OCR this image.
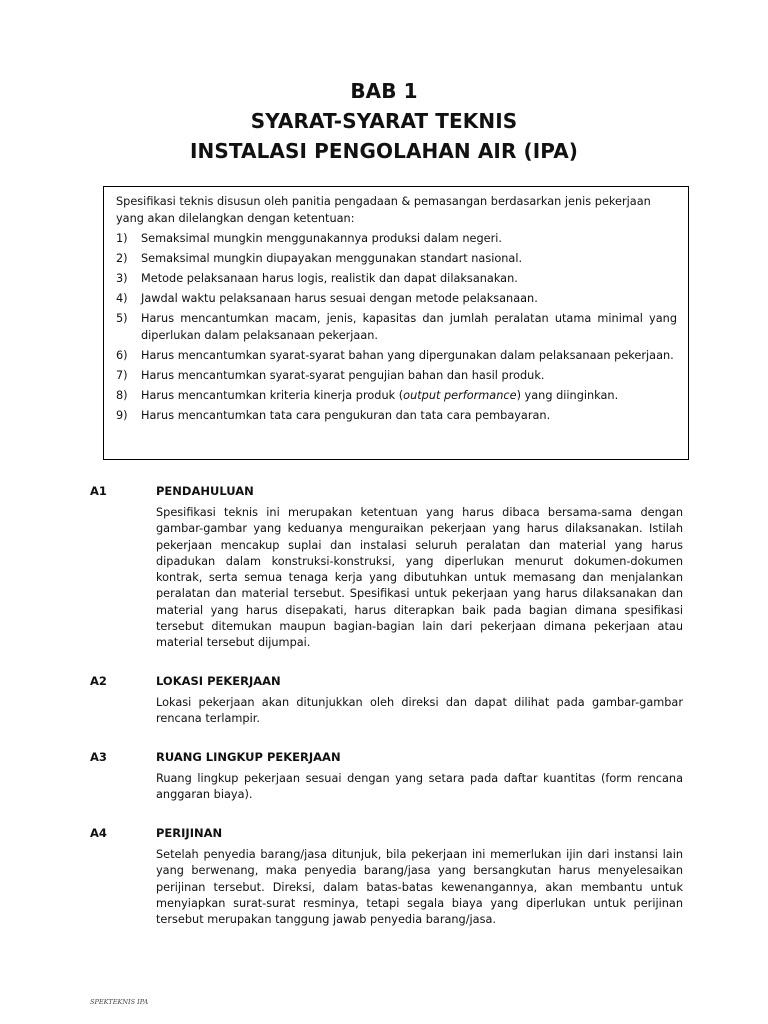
BAB 1
SYARAT-SYARAT TEKNIS
INSTALASI PENGOLAHAN AIR (IPA)

Spesifikasi teknis disusun oleh panitia pengadaan & pemasangan berdasarkan jenis pekerjaan yang akan dilelangkan dengan ketentuan:

1)	Semaksimal mungkin menggunakannya produksi dalam negeri.
2)	Semaksimal mungkin diupayakan menggunakan standart nasional.
3)	Metode pelaksanaan harus logis, realistik dan dapat dilaksanakan.
4)	Jawdal waktu pelaksanaan harus sesuai dengan metode pelaksanaan.
5)	Harus mencantumkan macam, jenis, kapasitas dan jumlah peralatan utama minimal yang diperlukan dalam pelaksanaan pekerjaan.
6)	Harus mencantumkan syarat-syarat bahan yang dipergunakan dalam pelaksanaan pekerjaan.
7)	Harus mencantumkan syarat-syarat pengujian bahan dan hasil produk.
8)	Harus mencantumkan kriteria kinerja produk (output performance) yang diinginkan.
9)	Harus mencantumkan tata cara pengukuran dan tata cara pembayaran.
A1	PENDAHULUAN
Spesifikasi teknis ini merupakan ketentuan yang harus dibaca bersama-sama dengan gambar-gambar yang keduanya menguraikan pekerjaan yang harus dilaksanakan. Istilah pekerjaan mencakup suplai dan instalasi seluruh peralatan dan material yang harus dipadukan dalam konstruksi-konstruksi, yang diperlukan menurut dokumen-dokumen kontrak, serta semua tenaga kerja yang dibutuhkan untuk memasang dan menjalankan peralatan dan material tersebut. Spesifikasi untuk pekerjaan yang harus dilaksanakan dan material yang harus disepakati, harus diterapkan baik pada bagian dimana spesifikasi tersebut ditemukan maupun bagian-bagian lain dari pekerjaan dimana pekerjaan atau material tersebut dijumpai.
A2	LOKASI PEKERJAAN
Lokasi pekerjaan akan ditunjukkan oleh direksi dan dapat dilihat pada gambar-gambar rencana terlampir.
A3	RUANG LINGKUP PEKERJAAN
Ruang lingkup pekerjaan sesuai dengan yang setara pada daftar kuantitas (form rencana anggaran biaya).
A4	PERIJINAN
Setelah penyedia barang/jasa ditunjuk, bila pekerjaan ini memerlukan ijin dari instansi lain yang berwenang, maka penyedia barang/jasa yang bersangkutan harus menyelesaikan perijinan tersebut. Direksi, dalam batas-batas kewenangannya, akan membantu untuk menyiapkan surat-surat resminya, tetapi segala biaya yang diperlukan untuk perijinan tersebut merupakan tanggung jawab penyedia barang/jasa.
SPEKTEKNIS IPA
